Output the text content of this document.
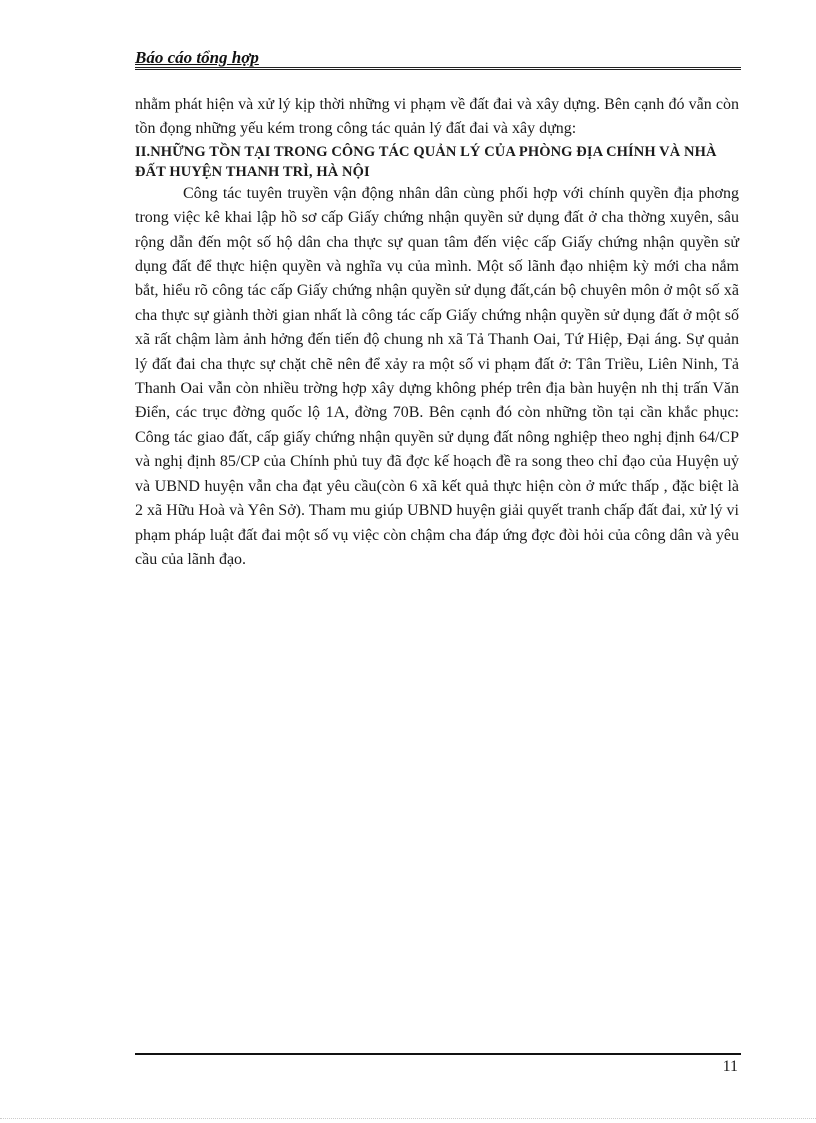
Báo cáo tổng hợp

nhằm phát hiện và xử lý kịp thời những vi phạm về đất đai và xây dựng. Bên cạnh đó vẫn còn tồn đọng những yếu kém trong công tác quản lý đất đai và xây dựng:

II.NHỮNG TỒN TẠI TRONG CÔNG TÁC QUẢN LÝ CỦA PHÒNG ĐỊA CHÍNH VÀ NHÀ ĐẤT HUYỆN THANH TRÌ, HÀ NỘI

Công tác tuyên truyền vận động nhân dân cùng phối hợp với chính quyền địa phơng trong việc kê khai lập hồ sơ cấp Giấy chứng nhận quyền sử dụng đất ở cha thờng xuyên, sâu rộng dẫn đến một số hộ dân cha thực sự quan tâm đến việc cấp Giấy chứng nhận quyền sử dụng đất để thực hiện quyền và nghĩa vụ của mình. Một số lãnh đạo nhiệm kỳ mới cha nắm bắt, hiểu rõ công tác cấp Giấy chứng nhận quyền sử dụng đất,cán bộ chuyên môn ở một số xã cha thực sự giành thời gian nhất là công tác cấp Giấy chứng nhận quyền sử dụng đất ở một số xã rất chậm làm ảnh hởng đến tiến độ chung nh xã Tả Thanh Oai, Tứ Hiệp, Đại áng. Sự quản lý đất đai cha thực sự chặt chẽ nên để xảy ra một số vi phạm đất ở: Tân Triều, Liên Ninh, Tả Thanh Oai vẫn còn nhiều trờng hợp xây dựng không phép trên địa bàn huyện nh thị trấn Văn Điển, các trục đờng quốc lộ 1A, đờng 70B. Bên cạnh đó còn những tồn tại cần khắc phục: Công tác giao đất, cấp giấy chứng nhận quyền sử dụng đất nông nghiệp theo nghị định 64/CP và nghị định 85/CP của Chính phủ tuy đã đợc kế hoạch đề ra song theo chỉ đạo của Huyện uỷ và UBND huyện vẫn cha đạt yêu cầu(còn 6 xã kết quả thực hiện còn ở mức thấp , đặc biệt là 2 xã Hữu Hoà và Yên Sở). Tham mu giúp UBND huyện giải quyết tranh chấp đất đai, xử lý vi phạm pháp luật đất đai một số vụ việc còn chậm cha đáp ứng đợc đòi hỏi của công dân và yêu cầu của lãnh đạo.

11
